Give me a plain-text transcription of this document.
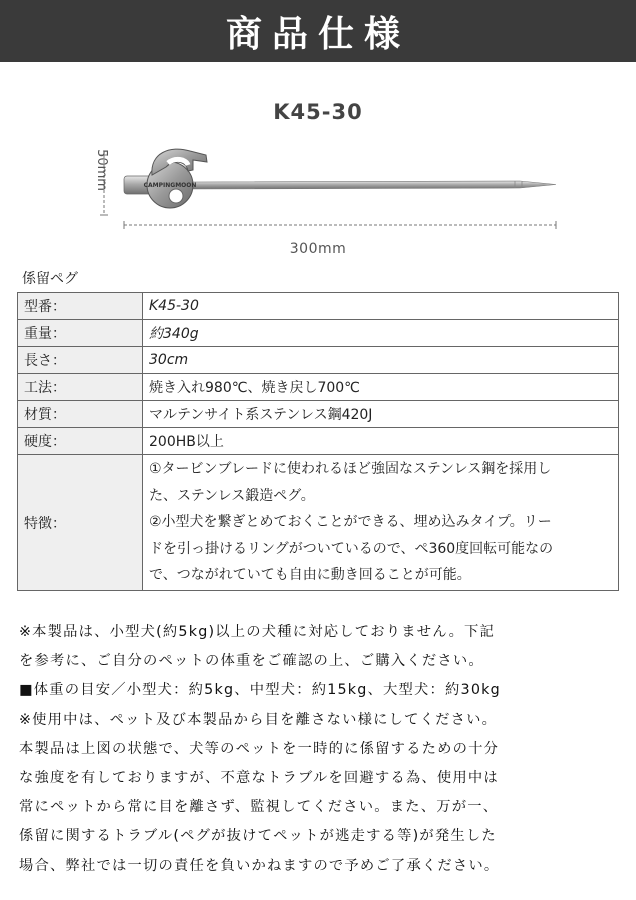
商品仕様
K45-30
CAMPINGMOON
50mm
300mm
係留ペグ
型番：	K45-30
重量：	約340g
長さ：	30cm
工法：	焼き入れ980℃、焼き戻し700℃
材質：	マルテンサイト系ステンレス鋼420J
硬度：	200HB以上
特徴：	①タービンブレードに使われるほど強固なステンレス鋼を採用し
た、ステンレス鍛造ペグ。
②小型犬を繋ぎとめておくことができる、埋め込みタイプ。リー
ドを引っ掛けるリングがついているので、ペ360度回転可能なの
で、つながれていても自由に動き回ることが可能。

※本製品は、小型犬(約5kg)以上の犬種に対応しておりません。下記

を参考に、ご自分のペットの体重をご確認の上、ご購入ください。

■体重の目安／小型犬：約5kg、中型犬：約15kg、大型犬：約30kg

※使用中は、ペット及び本製品から目を離さない様にしてください。

本製品は上図の状態で、犬等のペットを一時的に係留するための十分

な強度を有しておりますが、不意なトラブルを回避する為、使用中は

常にペットから常に目を離さず、監視してください。また、万が一、

係留に関するトラブル(ペグが抜けてペットが逃走する等)が発生した

場合、弊社では一切の責任を負いかねますので予めご了承ください。
